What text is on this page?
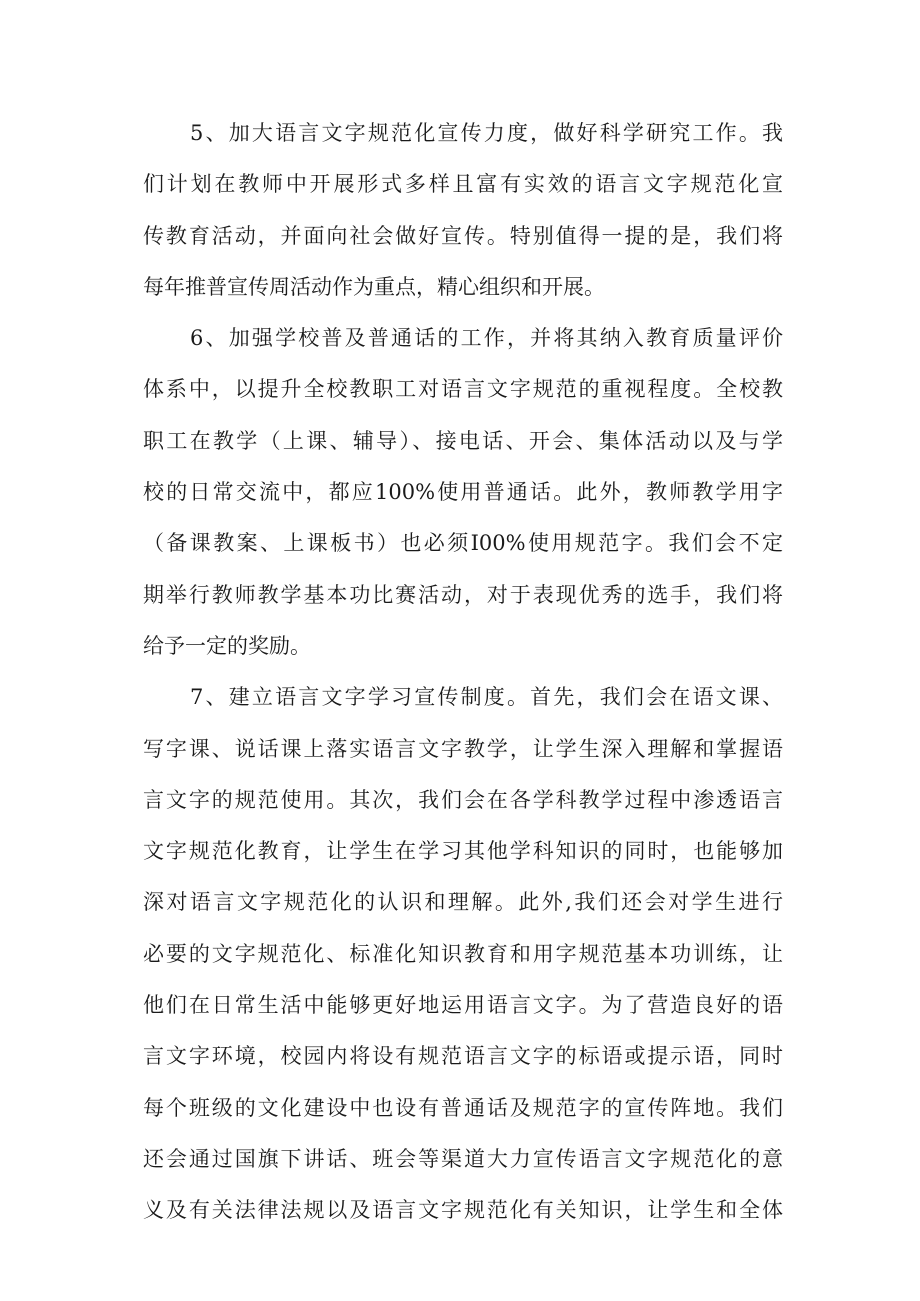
5、加大语言文字规范化宣传力度，做好科学研究工作。我
们计划在教师中开展形式多样且富有实效的语言文字规范化宣
传教育活动，并面向社会做好宣传。特别值得一提的是，我们将
每年推普宣传周活动作为重点，精心组织和开展。
6、加强学校普及普通话的工作，并将其纳入教育质量评价
体系中，以提升全校教职工对语言文字规范的重视程度。全校教
职工在教学（上课、辅导）、接电话、开会、集体活动以及与学
校的日常交流中，都应100%使用普通话。此外，教师教学用字
（备课教案、上课板书）也必须I00%使用规范字。我们会不定
期举行教师教学基本功比赛活动，对于表现优秀的选手，我们将
给予一定的奖励。
7、建立语言文字学习宣传制度。首先，我们会在语文课、
写字课、说话课上落实语言文字教学，让学生深入理解和掌握语
言文字的规范使用。其次，我们会在各学科教学过程中渗透语言
文字规范化教育，让学生在学习其他学科知识的同时，也能够加
深对语言文字规范化的认识和理解。此外,我们还会对学生进行
必要的文字规范化、标准化知识教育和用字规范基本功训练，让
他们在日常生活中能够更好地运用语言文字。为了营造良好的语
言文字环境，校园内将设有规范语言文字的标语或提示语，同时
每个班级的文化建设中也设有普通话及规范字的宣传阵地。我们
还会通过国旗下讲话、班会等渠道大力宣传语言文字规范化的意
义及有关法律法规以及语言文字规范化有关知识，让学生和全体
